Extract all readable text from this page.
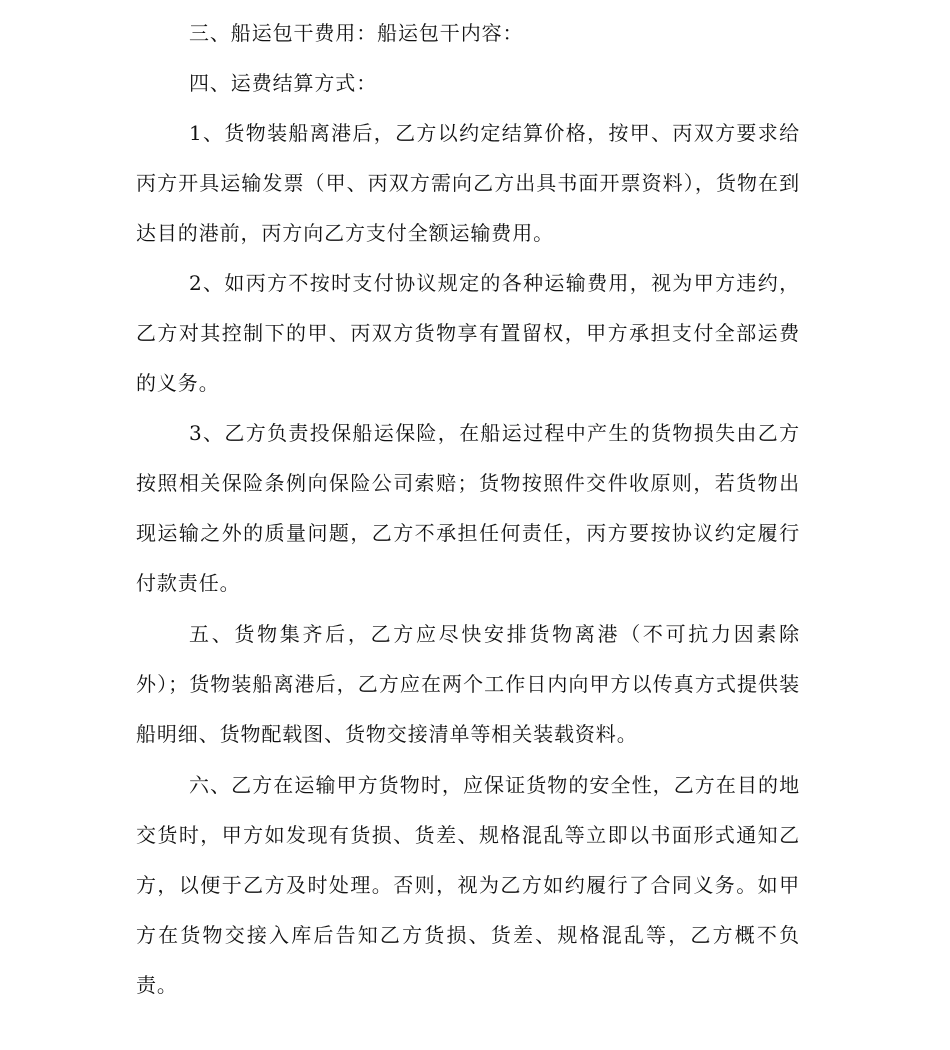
三、船运包干费用：船运包干内容：

四、运费结算方式：

1、货物装船离港后，乙方以约定结算价格，按甲、丙双方要求给丙方开具运输发票（甲、丙双方需向乙方出具书面开票资料），货物在到达目的港前，丙方向乙方支付全额运输费用。

2、如丙方不按时支付协议规定的各种运输费用，视为甲方违约，乙方对其控制下的甲、丙双方货物享有置留权，甲方承担支付全部运费的义务。

3、乙方负责投保船运保险，在船运过程中产生的货物损失由乙方按照相关保险条例向保险公司索赔；货物按照件交件收原则，若货物出现运输之外的质量问题，乙方不承担任何责任，丙方要按协议约定履行付款责任。

五、货物集齐后，乙方应尽快安排货物离港（不可抗力因素除外）；货物装船离港后，乙方应在两个工作日内向甲方以传真方式提供装船明细、货物配载图、货物交接清单等相关装载资料。

六、乙方在运输甲方货物时，应保证货物的安全性，乙方在目的地交货时，甲方如发现有货损、货差、规格混乱等立即以书面形式通知乙方，以便于乙方及时处理。否则，视为乙方如约履行了合同义务。如甲方在货物交接入库后告知乙方货损、货差、规格混乱等，乙方概不负责。
